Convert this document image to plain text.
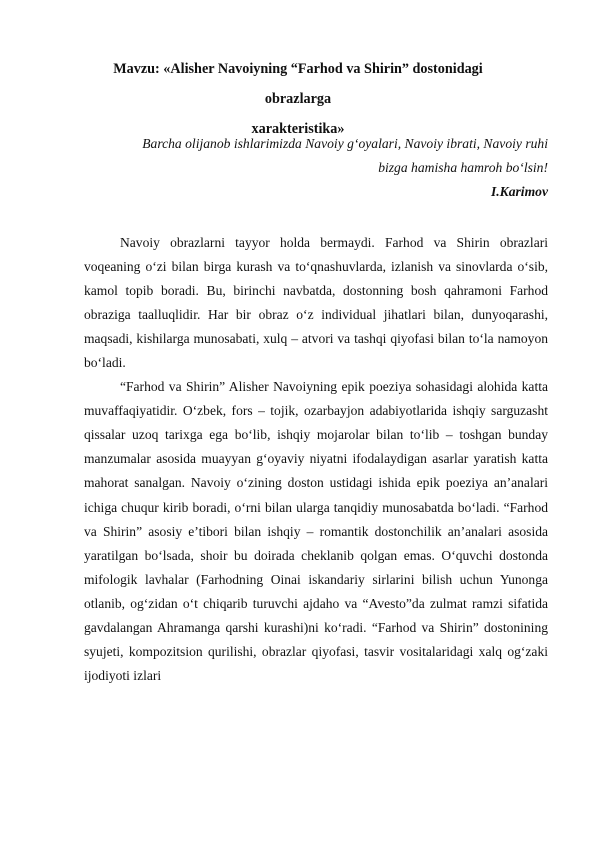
Mavzu: «Alisher Navoiyning “Farhod va Shirin” dostonidagi obrazlarga
xarakteristika»
Barcha olijanob ishlarimizda Navoiy g‘oyalari, Navoiy ibrati, Navoiy ruhi
bizga hamisha hamroh bo‘lsin!
I.Karimov

Navoiy obrazlarni tayyor holda bermaydi. Farhod va Shirin obrazlari voqeaning o‘zi bilan birga kurash va to‘qnashuvlarda, izlanish va sinovlarda o‘sib, kamol topib boradi. Bu, birinchi navbatda, dostonning bosh qahramoni Farhod obraziga taalluqlidir. Har bir obraz o‘z individual jihatlari bilan, dunyoqarashi, maqsadi, kishilarga munosabati, xulq – atvori va tashqi qiyofasi bilan to‘la namoyon bo‘ladi.

“Farhod va Shirin” Alisher Navoiyning epik poeziya sohasidagi alohida katta muvaffaqiyatidir. O‘zbek, fors – tojik, ozarbayjon adabiyotlarida ishqiy sarguzasht qissalar uzoq tarixga ega bo‘lib, ishqiy mojarolar bilan to‘lib – toshgan bunday manzumalar asosida muayyan g‘oyaviy niyatni ifodalaydigan asarlar yaratish katta mahorat sanalgan. Navoiy o‘zining doston ustidagi ishida epik poeziya an’analari ichiga chuqur kirib boradi, o‘rni bilan ularga tanqidiy munosabatda bo‘ladi. “Farhod va Shirin” asosiy e’tibori bilan ishqiy – romantik dostonchilik an’analari asosida yaratilgan bo‘lsada, shoir bu doirada cheklanib qolgan emas. O‘quvchi dostonda mifologik lavhalar (Farhodning Oinai iskandariy sirlarini bilish uchun Yunonga otlanib, og‘zidan o‘t chiqarib turuvchi ajdaho va “Avesto”da zulmat ramzi sifatida gavdalangan Ahramanga qarshi kurashi)ni ko‘radi. “Farhod va Shirin” dostonining syujeti, kompozitsion qurilishi, obrazlar qiyofasi, tasvir vositalaridagi xalq og‘zaki ijodiyoti izlari
